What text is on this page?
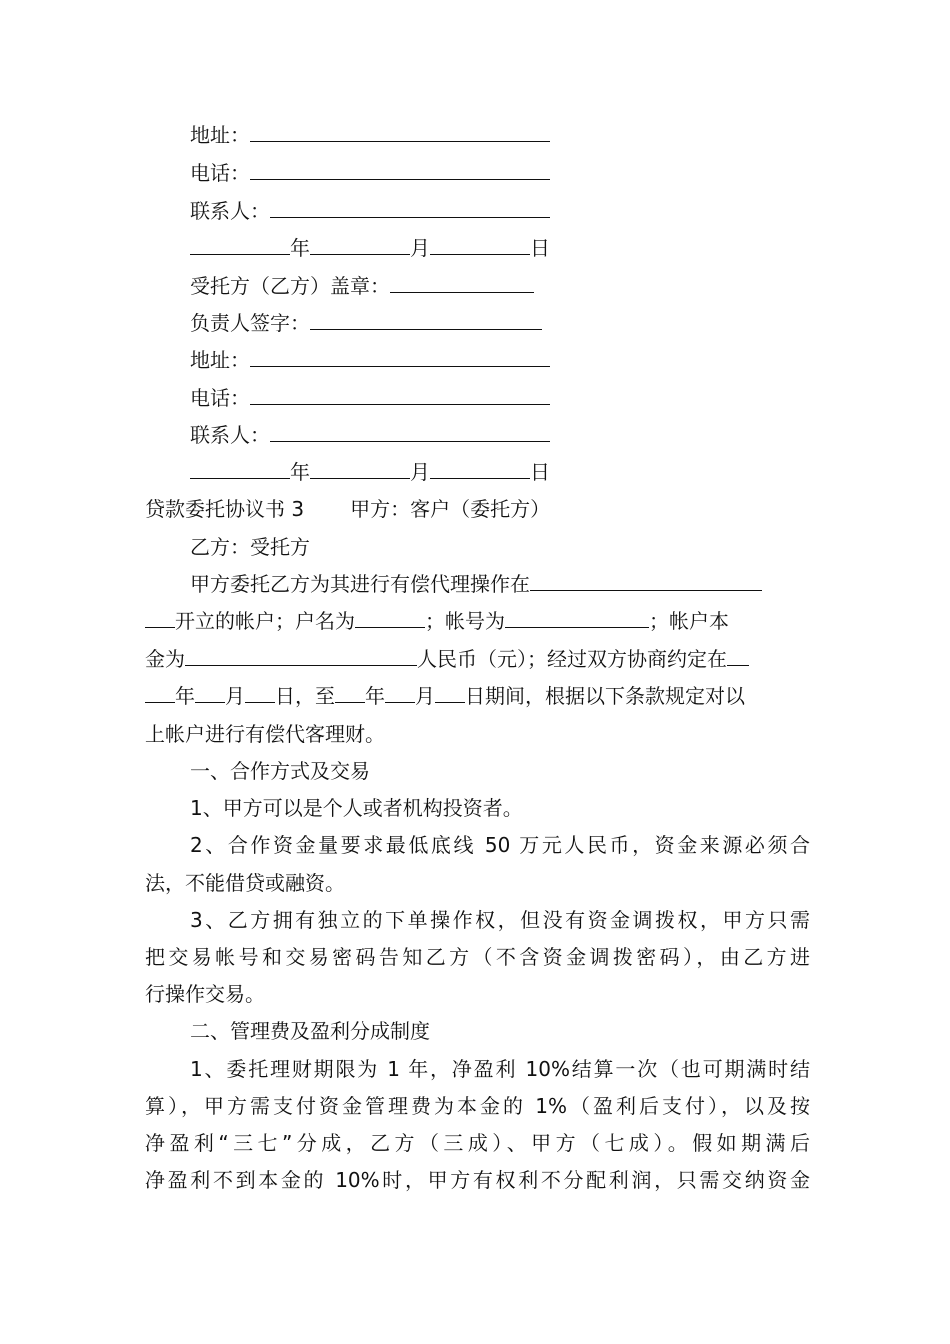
地址：
电话：
联系人：
年	月	日
受托方（乙方）盖章：
负责人签字：
地址：
电话：
联系人：
年	月	日
贷款委托协议书 3 甲方：客户（委托方）
乙方：受托方
甲方委托乙方为其进行有偿代理操作在
开立的帐户；户名为	；帐号为	；帐户本
金为	人民币（元）；经过双方协商约定在
年 月 日，至 年 月 日期间，根据以下条款规定对以
上帐户进行有偿代客理财。
一、合作方式及交易
1、甲方可以是个人或者机构投资者。
2、合作资金量要求最低底线 50 万元人民币，资金来源必须合
法，不能借贷或融资。
3、乙方拥有独立的下单操作权，但没有资金调拨权，甲方只需
把交易帐号和交易密码告知乙方（不含资金调拨密码），由乙方进
行操作交易。
二、管理费及盈利分成制度
1、委托理财期限为 1 年，净盈利 10%结算一次（也可期满时结
算），甲方需支付资金管理费为本金的 1%（盈利后支付），以及按
净盈利“三七”分成，乙方（三成）、甲方（七成）。假如期满后
净盈利不到本金的 10%时，甲方有权利不分配利润，只需交纳资金
